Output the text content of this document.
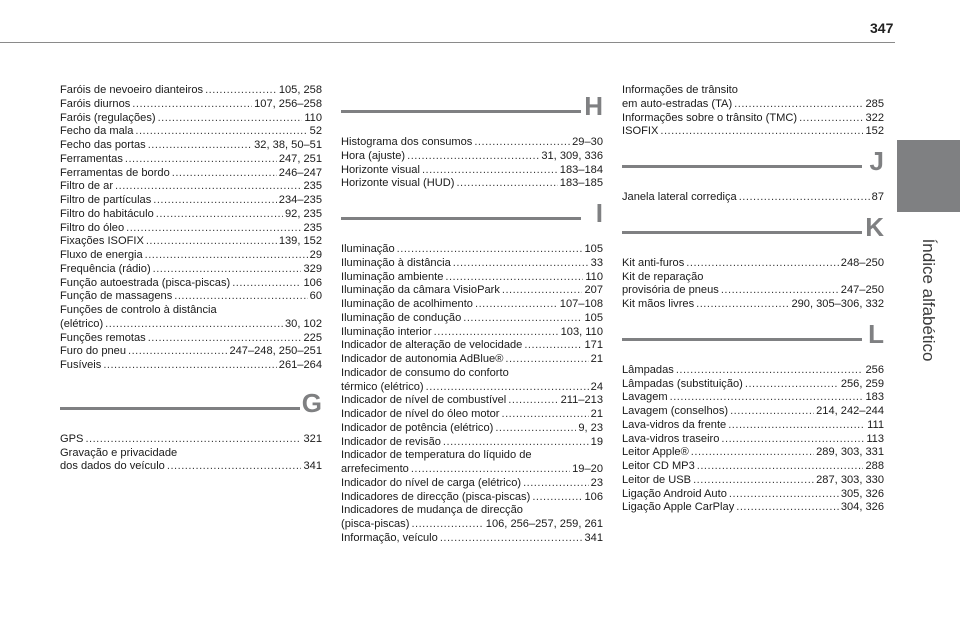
347
Índice alfabético
Faróis de nevoeiro dianteiros .....	105, 258
Faróis diurnos .....	107, 256–258
Faróis (regulações) .....	110
Fecho da mala .....	52
Fecho das portas .....	32, 38, 50–51
Ferramentas .....	247, 251
Ferramentas de bordo .....	246–247
Filtro de ar .....	235
Filtro de partículas .....	234–235
Filtro do habitáculo .....	92, 235
Filtro do óleo .....	235
Fixações ISOFIX .....	139, 152
Fluxo de energia .....	29
Frequência (rádio) .....	329
Função autoestrada (pisca-piscas) .....	106
Função de massagens .....	60
Funções de controlo à distância
(elétrico) .....	30, 102
Funções remotas .....	225
Furo do pneu .....	247–248, 250–251
Fusíveis .....	261–264
G
GPS .....	321
Gravação e privacidade
dos dados do veículo .....	341
H
Histograma dos consumos .....	29–30
Hora (ajuste) .....	31, 309, 336
Horizonte visual .....	183–184
Horizonte visual (HUD) .....	183–185
I
Iluminação .....	105
Iluminação à distância .....	33
Iluminação ambiente .....	110
Iluminação da câmara VisioPark .....	207
Iluminação de acolhimento .....	107–108
Iluminação de condução .....	105
Iluminação interior .....	103, 110
Indicador de alteração de velocidade .....	171
Indicador de autonomia AdBlue® .....	21
Indicador de consumo do conforto
térmico (elétrico) .....	24
Indicador de nível de combustível .....	211–213
Indicador de nível do óleo motor .....	21
Indicador de potência (elétrico) .....	9, 23
Indicador de revisão .....	19
Indicador de temperatura do líquido de
arrefecimento .....	19–20
Indicador do nível de carga (elétrico) .....	23
Indicadores de direcção (pisca-piscas) .....	106
Indicadores de mudança de direcção
(pisca-piscas) .....	106, 256–257, 259, 261
Informação, veículo .....	341
Informações de trânsito
em auto-estradas (TA) .....	285
Informações sobre o trânsito (TMC) .....	322
ISOFIX .....	152
J
Janela lateral corrediça .....	87
K
Kit anti-furos .....	248–250
Kit de reparação
provisória de pneus .....	247–250
Kit mãos livres .....	290, 305–306, 332
L
Lâmpadas .....	256
Lâmpadas (substituição) .....	256, 259
Lavagem .....	183
Lavagem (conselhos) .....	214, 242–244
Lava-vidros da frente .....	111
Lava-vidros traseiro .....	113
Leitor Apple® .....	289, 303, 331
Leitor CD MP3 .....	288
Leitor de USB .....	287, 303, 330
Ligação Android Auto .....	305, 326
Ligação Apple CarPlay .....	304, 326
